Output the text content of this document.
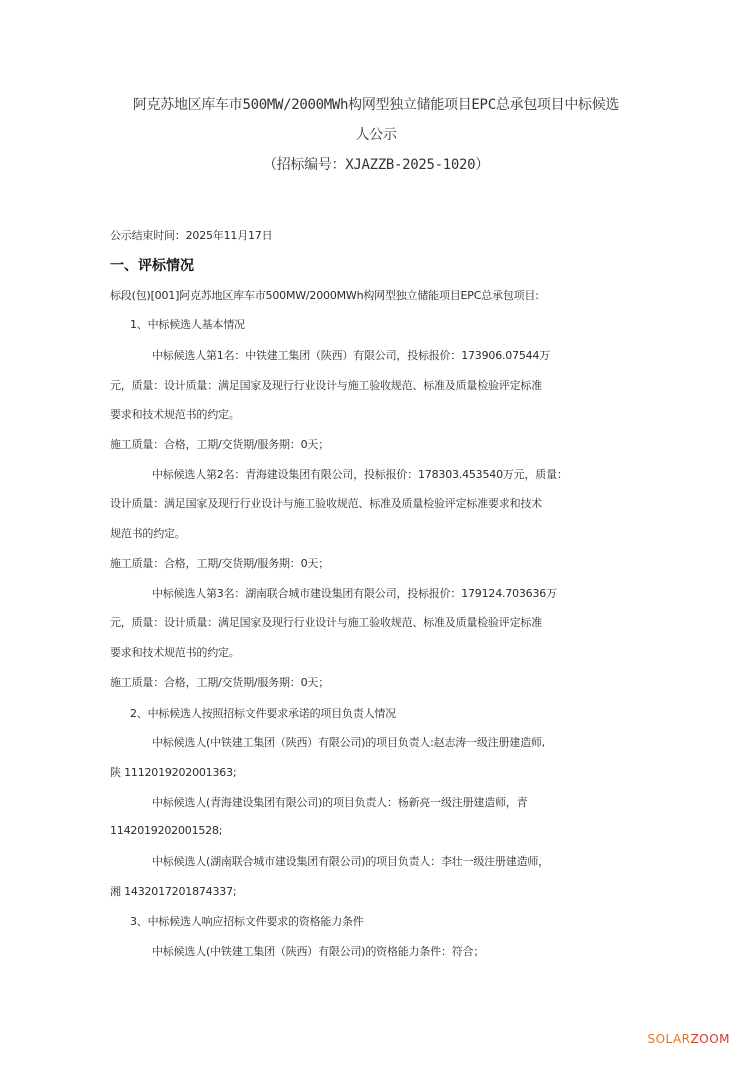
阿克苏地区库车市500MW/2000MWh构网型独立储能项目EPC总承包项目中标候选
人公示
（招标编号：XJAZZB-2025-1020）
公示结束时间：2025年11月17日
一、评标情况
标段(包)[001]阿克苏地区库车市500MW/2000MWh构网型独立储能项目EPC总承包项目:
1、中标候选人基本情况
中标候选人第1名：中铁建工集团（陕西）有限公司，投标报价：173906.07544万
元，质量：设计质量：满足国家及现行行业设计与施工验收规范、标准及质量检验评定标准
要求和技术规范书的约定。
施工质量：合格，工期/交货期/服务期：0天；
中标候选人第2名：青海建设集团有限公司，投标报价：178303.453540万元，质量：
设计质量：满足国家及现行行业设计与施工验收规范、标准及质量检验评定标准要求和技术
规范书的约定。
施工质量：合格，工期/交货期/服务期：0天；
中标候选人第3名：湖南联合城市建设集团有限公司，投标报价：179124.703636万
元，质量：设计质量：满足国家及现行行业设计与施工验收规范、标准及质量检验评定标准
要求和技术规范书的约定。
施工质量：合格，工期/交货期/服务期：0天；
2、中标候选人按照招标文件要求承诺的项目负责人情况
中标候选人(中铁建工集团（陕西）有限公司)的项目负责人:赵志涛一级注册建造师,
陕 1112019202001363;
中标候选人(青海建设集团有限公司)的项目负责人：杨新亮一级注册建造师，青
1142019202001528;
中标候选人(湖南联合城市建设集团有限公司)的项目负责人：李壮一级注册建造师，
湘 1432017201874337;
3、中标候选人响应招标文件要求的资格能力条件
中标候选人(中铁建工集团（陕西）有限公司)的资格能力条件：符合；
SOLARZOOM
